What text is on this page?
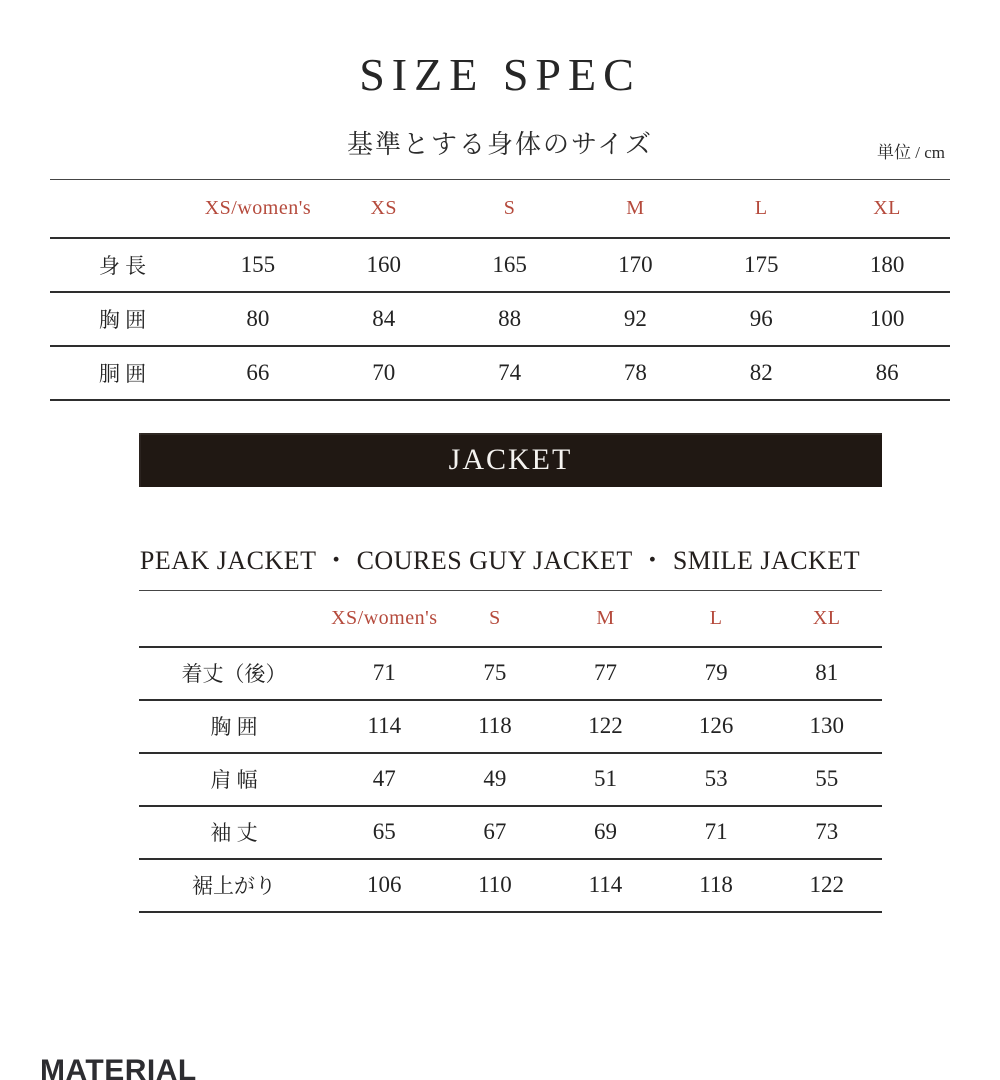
SIZE SPEC
基準とする身体のサイズ	単位 / cm
	XS/women's	XS	S	M	L	XL
身 長	155	160	165	170	175	180
胸 囲	80	84	88	92	96	100
胴 囲	66	70	74	78	82	86
JACKET
PEAK JACKET ・ COURES GUY JACKET ・ SMILE JACKET
	XS/women's	S	M	L	XL
着丈（後）	71	75	77	79	81
胸 囲	114	118	122	126	130
肩 幅	47	49	51	53	55
袖 丈	65	67	69	71	73
裾上がり	106	110	114	118	122
MATERIAL
